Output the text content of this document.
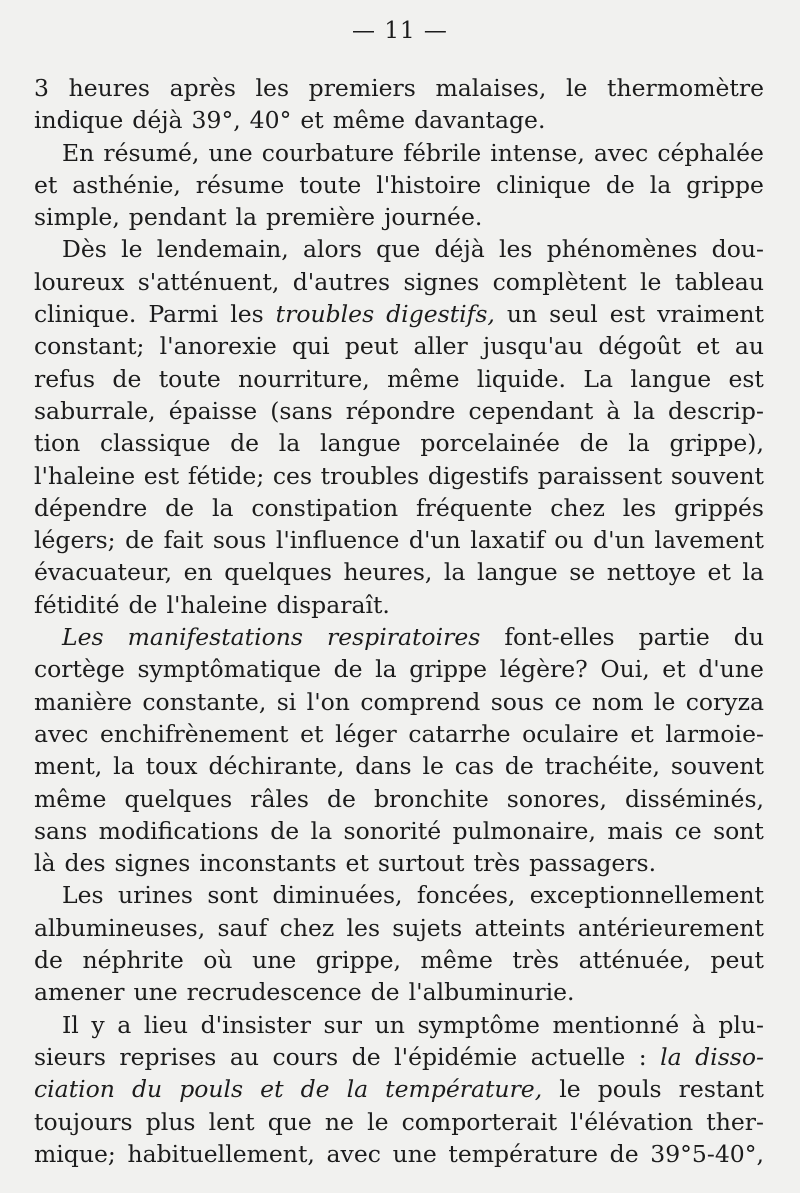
— 11 —
3 heures après les premiers malaises, le thermomètre
indique déjà 39°, 40° et même davantage.
En résumé, une courbature fébrile intense, avec céphalée
et asthénie, résume toute l'histoire clinique de la grippe
simple, pendant la première journée.
Dès le lendemain, alors que déjà les phénomènes dou-
loureux s'atténuent, d'autres signes complètent le tableau
clinique. Parmi les troubles digestifs, un seul est vraiment
constant; l'anorexie qui peut aller jusqu'au dégoût et au
refus de toute nourriture, même liquide. La langue est
saburrale, épaisse (sans répondre cependant à la descrip-
tion classique de la langue porcelainée de la grippe),
l'haleine est fétide; ces troubles digestifs paraissent souvent
dépendre de la constipation fréquente chez les grippés
légers; de fait sous l'influence d'un laxatif ou d'un lavement
évacuateur, en quelques heures, la langue se nettoye et la
fétidité de l'haleine disparaît.
Les manifestations respiratoires font-elles partie du
cortège symptômatique de la grippe légère? Oui, et d'une
manière constante, si l'on comprend sous ce nom le coryza
avec enchifrènement et léger catarrhe oculaire et larmoie-
ment, la toux déchirante, dans le cas de trachéite, souvent
même quelques râles de bronchite sonores, disséminés,
sans modifications de la sonorité pulmonaire, mais ce sont
là des signes inconstants et surtout très passagers.
Les urines sont diminuées, foncées, exceptionnellement
albumineuses, sauf chez les sujets atteints antérieurement
de néphrite où une grippe, même très atténuée, peut
amener une recrudescence de l'albuminurie.
Il y a lieu d'insister sur un symptôme mentionné à plu-
sieurs reprises au cours de l'épidémie actuelle : la disso-
ciation du pouls et de la température, le pouls restant
toujours plus lent que ne le comporterait l'élévation ther-
mique; habituellement, avec une température de 39°5-40°,
